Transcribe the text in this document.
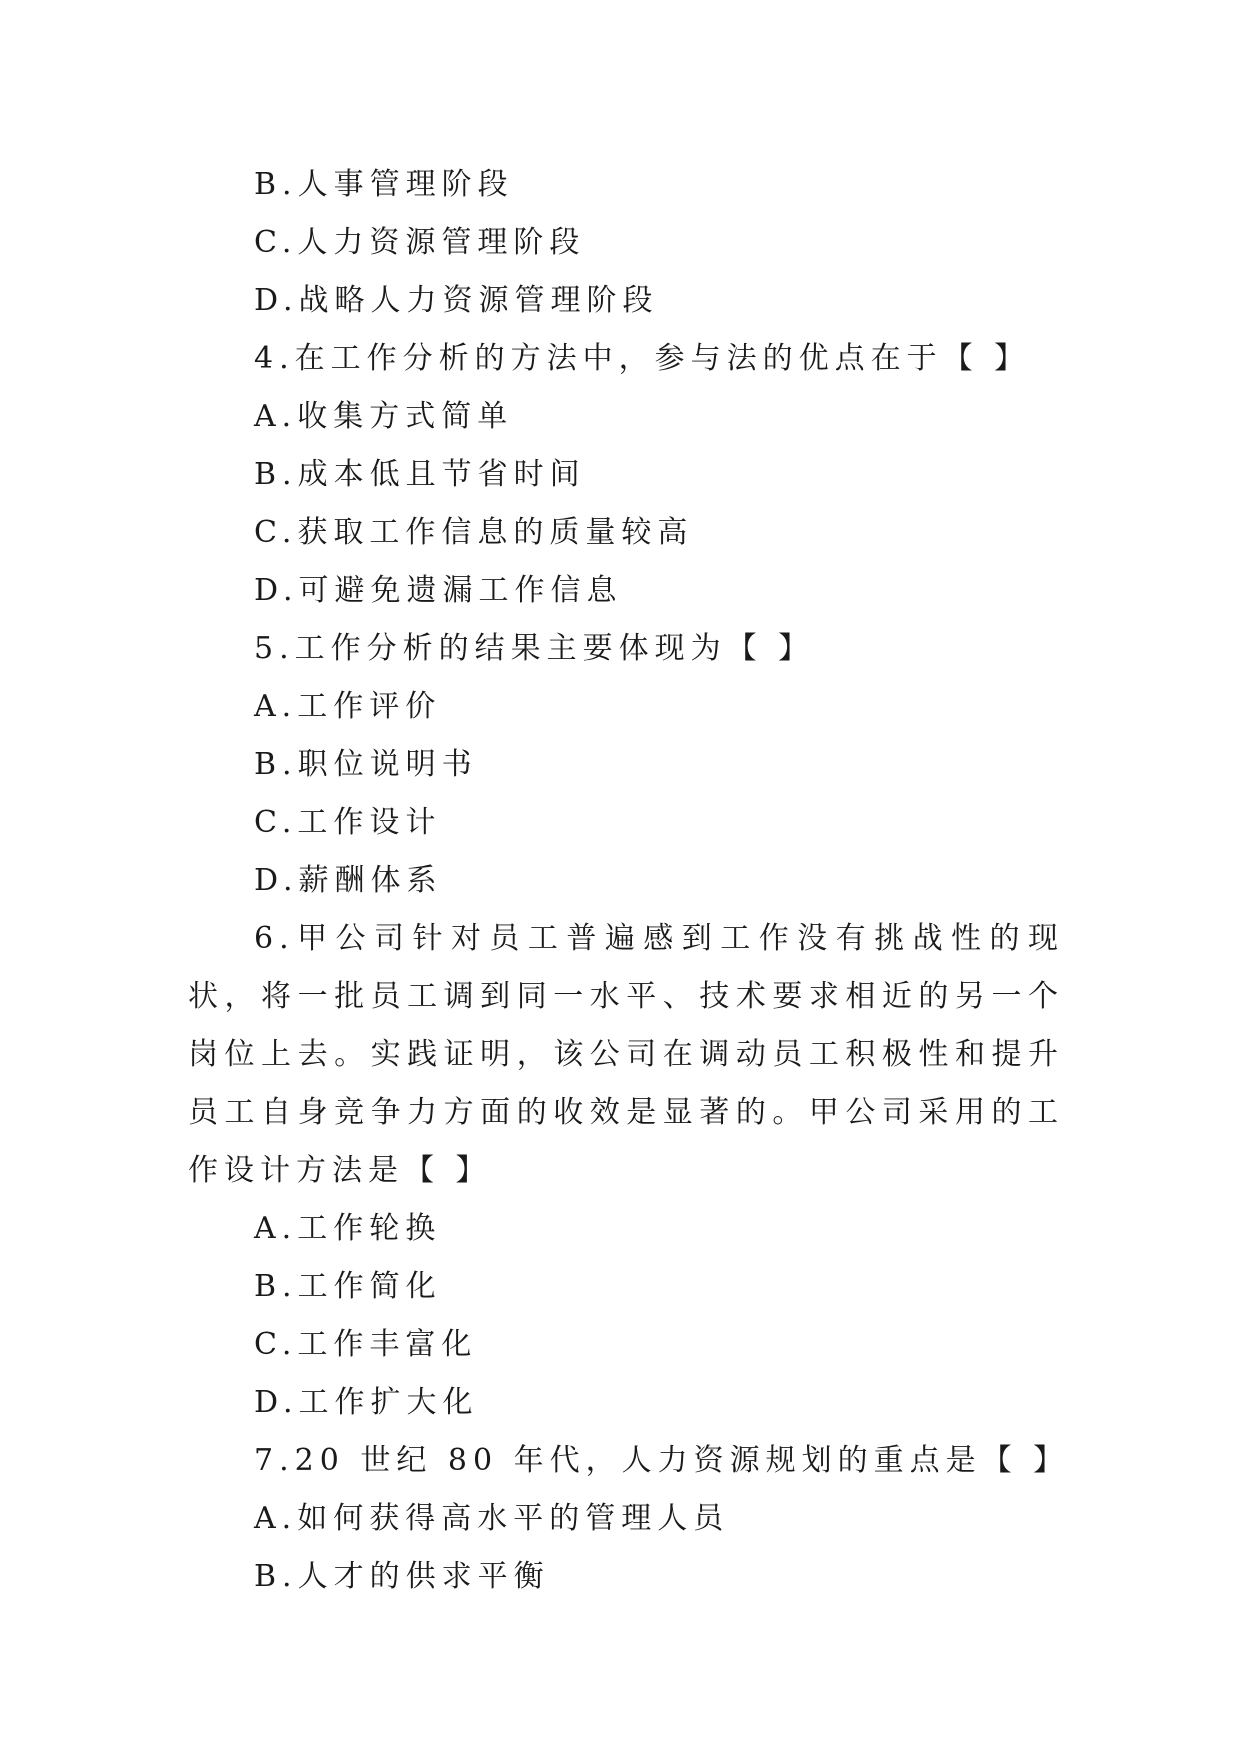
B.人事管理阶段
C.人力资源管理阶段
D.战略人力资源管理阶段
4.在工作分析的方法中，参与法的优点在于【 】
A.收集方式简单
B.成本低且节省时间
C.获取工作信息的质量较高
D.可避免遗漏工作信息
5.工作分析的结果主要体现为【 】
A.工作评价
B.职位说明书
C.工作设计
D.薪酬体系
6.甲公司针对员工普遍感到工作没有挑战性的现状，将一批员工调到同一水平、技术要求相近的另一个岗位上去。实践证明，该公司在调动员工积极性和提升员工自身竞争力方面的收效是显著的。甲公司采用的工作设计方法是【 】
A.工作轮换
B.工作简化
C.工作丰富化
D.工作扩大化
7.20 世纪 80 年代，人力资源规划的重点是【 】
A.如何获得高水平的管理人员
B.人才的供求平衡
